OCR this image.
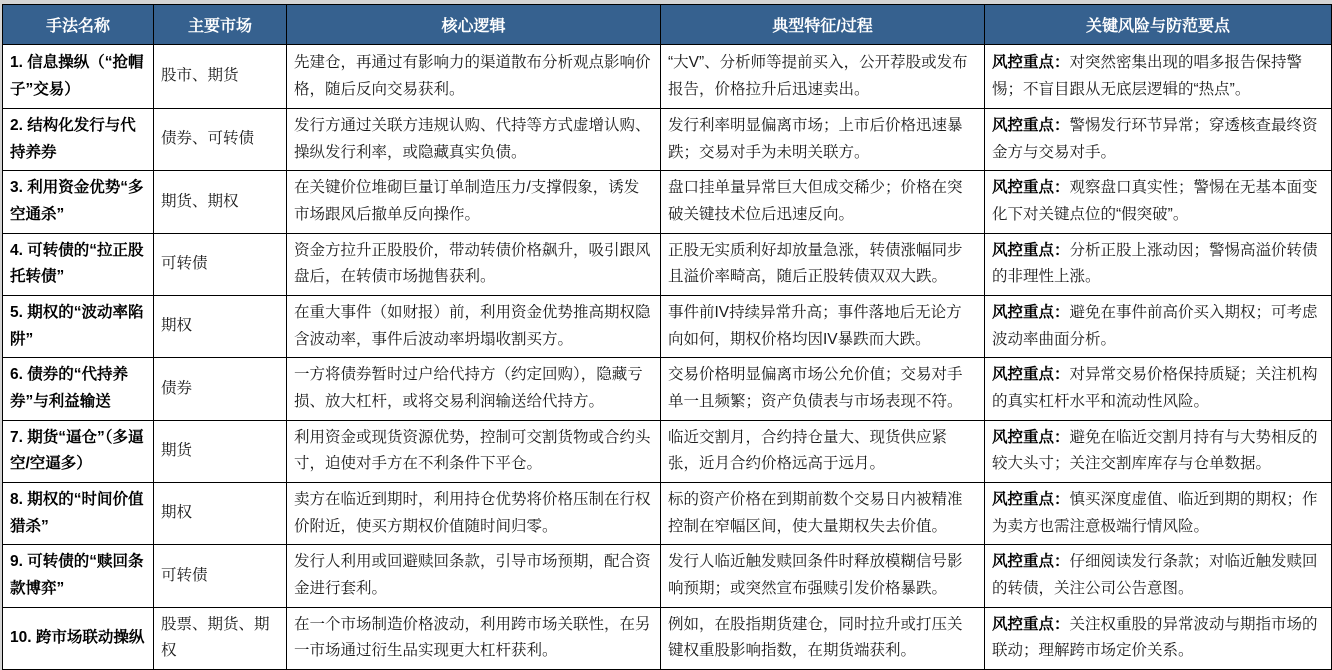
手法名称	主要市场	核心逻辑	典型特征/过程	关键风险与防范要点
1. 信息操纵（“抢帽子”交易）	股市、期货	先建仓，再通过有影响力的渠道散布分析观点影响价格，随后反向交易获利。	“大V”、分析师等提前买入，公开荐股或发布报告，价格拉升后迅速卖出。	风控重点：对突然密集出现的唱多报告保持警惕；不盲目跟从无底层逻辑的“热点”。
2. 结构化发行与代持养券	债券、可转债	发行方通过关联方违规认购、代持等方式虚增认购、操纵发行利率，或隐藏真实负债。	发行利率明显偏离市场；上市后价格迅速暴跌；交易对手为未明关联方。	风控重点：警惕发行环节异常；穿透核查最终资金方与交易对手。
3. 利用资金优势“多空通杀”	期货、期权	在关键价位堆砌巨量订单制造压力/支撑假象，诱发市场跟风后撤单反向操作。	盘口挂单量异常巨大但成交稀少；价格在突破关键技术位后迅速反向。	风控重点：观察盘口真实性；警惕在无基本面变化下对关键点位的“假突破”。
4. 可转债的“拉正股托转债”	可转债	资金方拉升正股股价，带动转债价格飙升，吸引跟风盘后，在转债市场抛售获利。	正股无实质利好却放量急涨，转债涨幅同步且溢价率畸高，随后正股转债双双大跌。	风控重点：分析正股上涨动因；警惕高溢价转债的非理性上涨。
5. 期权的“波动率陷阱”	期权	在重大事件（如财报）前，利用资金优势推高期权隐含波动率，事件后波动率坍塌收割买方。	事件前IV持续异常升高；事件落地后无论方向如何，期权价格均因IV暴跌而大跌。	风控重点：避免在事件前高价买入期权；可考虑波动率曲面分析。
6. 债券的“代持养券”与利益输送	债券	一方将债券暂时过户给代持方（约定回购），隐藏亏损、放大杠杆，或将交易利润输送给代持方。	交易价格明显偏离市场公允价值；交易对手单一且频繁；资产负债表与市场表现不符。	风控重点：对异常交易价格保持质疑；关注机构的真实杠杆水平和流动性风险。
7. 期货“逼仓”（多逼空/空逼多）	期货	利用资金或现货资源优势，控制可交割货物或合约头寸，迫使对手方在不利条件下平仓。	临近交割月，合约持仓量大、现货供应紧张，近月合约价格远高于远月。	风控重点：避免在临近交割月持有与大势相反的较大头寸；关注交割库库存与仓单数据。
8. 期权的“时间价值猎杀”	期权	卖方在临近到期时，利用持仓优势将价格压制在行权价附近，使买方期权价值随时间归零。	标的资产价格在到期前数个交易日内被精准控制在窄幅区间，使大量期权失去价值。	风控重点：慎买深度虚值、临近到期的期权；作为卖方也需注意极端行情风险。
9. 可转债的“赎回条款博弈”	可转债	发行人利用或回避赎回条款，引导市场预期，配合资金进行套利。	发行人临近触发赎回条件时释放模糊信号影响预期；或突然宣布强赎引发价格暴跌。	风控重点：仔细阅读发行条款；对临近触发赎回的转债，关注公司公告意图。
10. 跨市场联动操纵	股票、期货、期权	在一个市场制造价格波动，利用跨市场关联性，在另一市场通过衍生品实现更大杠杆获利。	例如，在股指期货建仓，同时拉升或打压关键权重股影响指数，在期货端获利。	风控重点：关注权重股的异常波动与期指市场的联动；理解跨市场定价关系。
